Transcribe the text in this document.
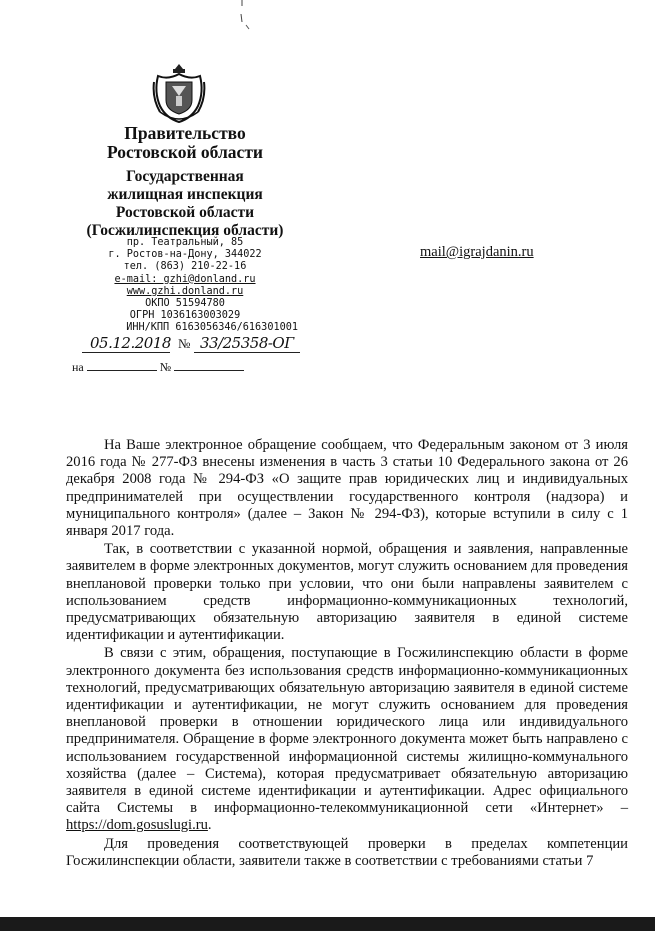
Правительство
Ростовской области
Государственная
жилищная инспекция
Ростовской области
(Госжилинспекция области)
пр. Театральный, 85
г. Ростов-на-Дону, 344022
тел. (863) 210-22-16
e-mail: gzhi@donland.ru
www.gzhi.donland.ru
ОКПО 51594780
ОГРН 1036163003029
ИНН/КПП 6163056346/616301001
mail@igrajdanin.ru
05.12.2018 № 33/25358-ОГ
на	№

На Ваше электронное обращение сообщаем, что Федеральным законом от 3 июля 2016 года № 277-ФЗ внесены изменения в часть 3 статьи 10 Федерального закона от 26 декабря 2008 года № 294-ФЗ «О защите прав юридических лиц и индивидуальных предпринимателей при осуществлении государственного контроля (надзора) и муниципального контроля» (далее – Закон № 294-ФЗ), которые вступили в силу с 1 января 2017 года.

Так, в соответствии с указанной нормой, обращения и заявления, направленные заявителем в форме электронных документов, могут служить основанием для проведения внеплановой проверки только при условии, что они были направлены заявителем с использованием средств информационно-коммуникационных технологий, предусматривающих обязательную авторизацию заявителя в единой системе идентификации и аутентификации.

В связи с этим, обращения, поступающие в Госжилинспекцию области в форме электронного документа без использования средств информационно-коммуникационных технологий, предусматривающих обязательную авторизацию заявителя в единой системе идентификации и аутентификации, не могут служить основанием для проведения внеплановой проверки в отношении юридического лица или индивидуального предпринимателя. Обращение в форме электронного документа может быть направлено с использованием государственной информационной системы жилищно-коммунального хозяйства (далее – Система), которая предусматривает обязательную авторизацию заявителя в единой системе идентификации и аутентификации. Адрес официального сайта Системы в информационно-телекоммуникационной сети «Интернет» – https://dom.gosuslugi.ru.

Для проведения соответствующей проверки в пределах компетенции Госжилинспекции области, заявители также в соответствии с требованиями статьи 7
